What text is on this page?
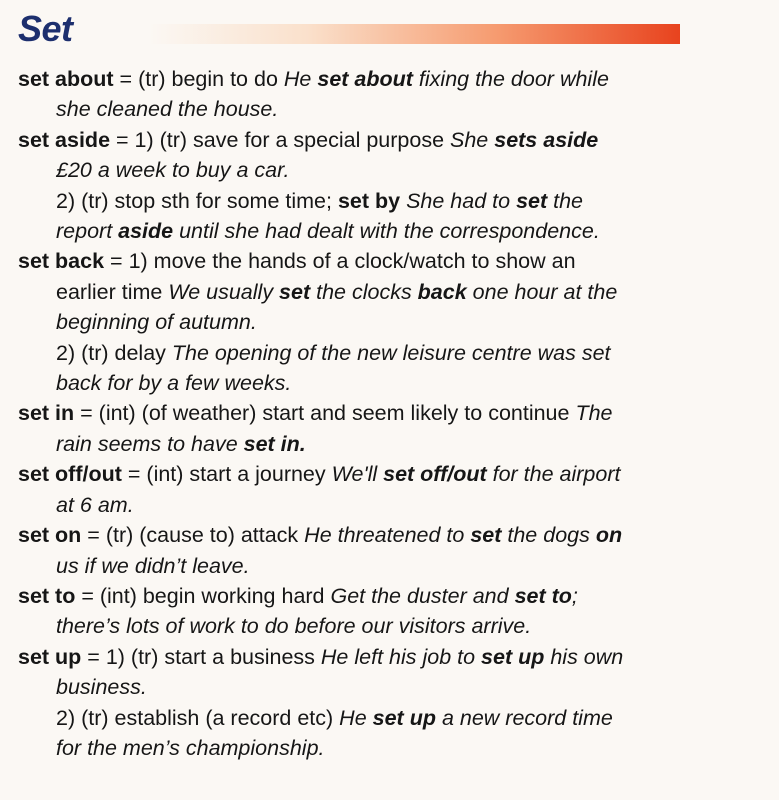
Set
set about = (tr) begin to do He set about fixing the door while
she cleaned the house.
set aside = 1) (tr) save for a special purpose She sets aside
£20 a week to buy a car.
2) (tr) stop sth for some time; set by She had to set the
report aside until she had dealt with the correspondence.
set back = 1) move the hands of a clock/watch to show an
earlier time We usually set the clocks back one hour at the
beginning of autumn.
2) (tr) delay The opening of the new leisure centre was set
back for by a few weeks.
set in = (int) (of weather) start and seem likely to continue The
rain seems to have set in.
set off/out = (int) start a journey We'll set off/out for the airport
at 6 am.
set on = (tr) (cause to) attack He threatened to set the dogs on
us if we didn’t leave.
set to = (int) begin working hard Get the duster and set to;
there’s lots of work to do before our visitors arrive.
set up = 1) (tr) start a business He left his job to set up his own
business.
2) (tr) establish (a record etc) He set up a new record time
for the men’s championship.
